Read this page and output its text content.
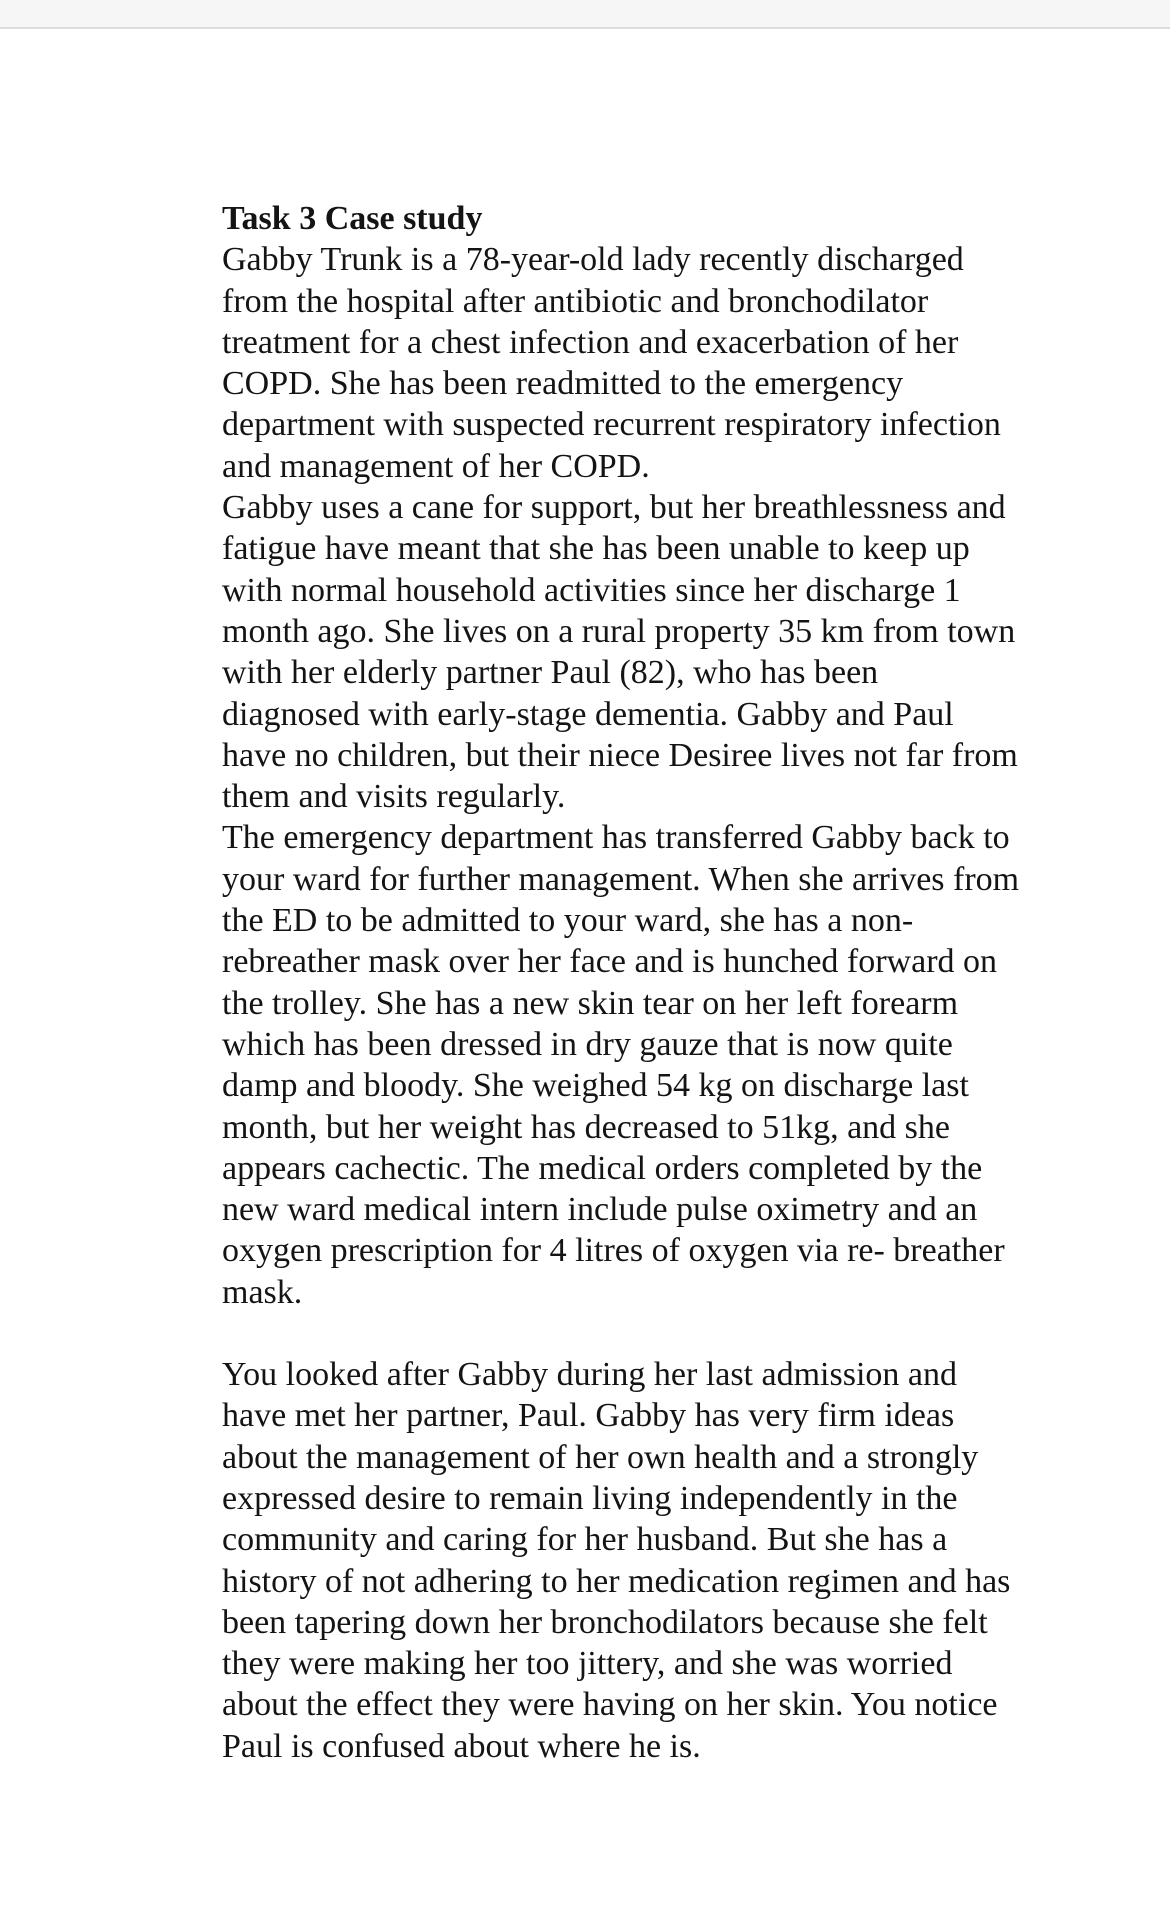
Task 3 Case study

Gabby Trunk is a 78-year-old lady recently discharged
from the hospital after antibiotic and bronchodilator
treatment for a chest infection and exacerbation of her
COPD. She has been readmitted to the emergency
department with suspected recurrent respiratory infection
and management of her COPD.

Gabby uses a cane for support, but her breathlessness and
fatigue have meant that she has been unable to keep up
with normal household activities since her discharge 1
month ago. She lives on a rural property 35 km from town
with her elderly partner Paul (82), who has been
diagnosed with early-stage dementia. Gabby and Paul
have no children, but their niece Desiree lives not far from
them and visits regularly.

The emergency department has transferred Gabby back to
your ward for further management. When she arrives from
the ED to be admitted to your ward, she has a non-
rebreather mask over her face and is hunched forward on
the trolley. She has a new skin tear on her left forearm
which has been dressed in dry gauze that is now quite
damp and bloody. She weighed 54 kg on discharge last
month, but her weight has decreased to 51kg, and she
appears cachectic. The medical orders completed by the
new ward medical intern include pulse oximetry and an
oxygen prescription for 4 litres of oxygen via re- breather
mask.

You looked after Gabby during her last admission and
have met her partner, Paul. Gabby has very firm ideas
about the management of her own health and a strongly
expressed desire to remain living independently in the
community and caring for her husband. But she has a
history of not adhering to her medication regimen and has
been tapering down her bronchodilators because she felt
they were making her too jittery, and she was worried
about the effect they were having on her skin. You notice
Paul is confused about where he is.
